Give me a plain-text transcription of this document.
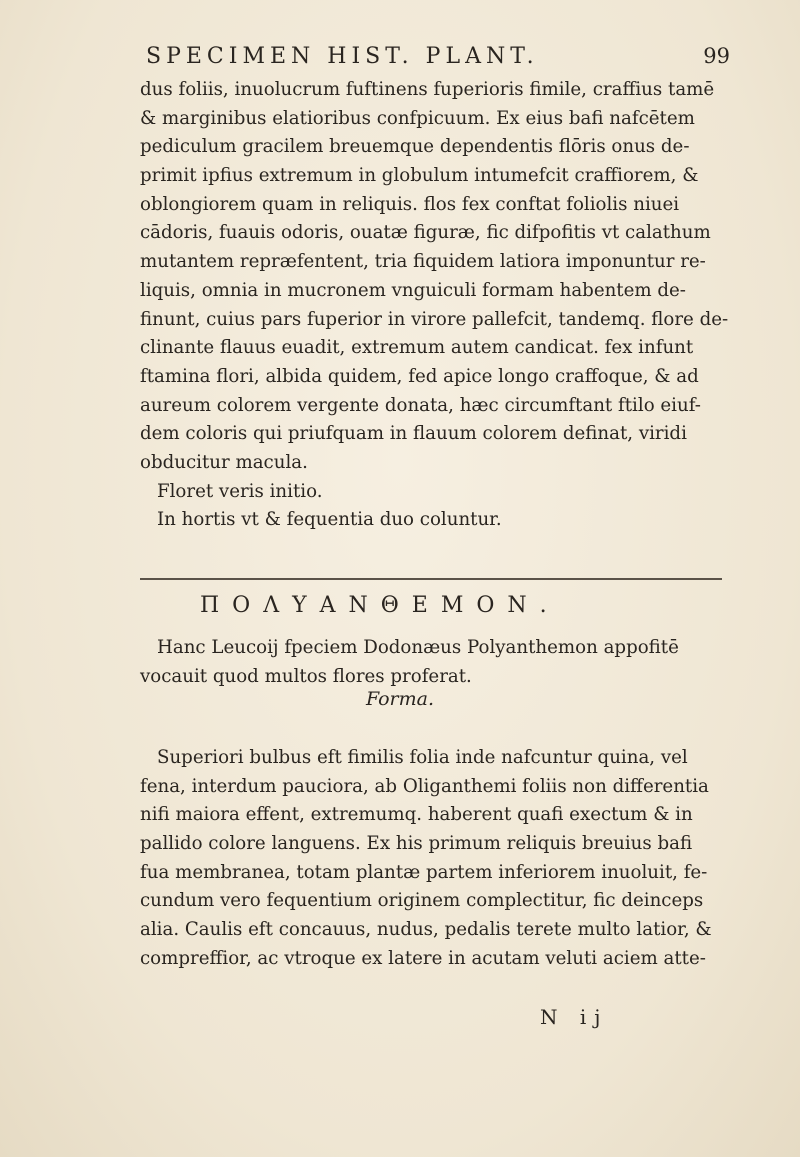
SPECIMEN HIST. PLANT.	99
dus foliis, inuolucrum fuftinens fuperioris fimile, craffius tamē
& marginibus elatioribus confpicuum. Ex eius bafi nafcētem
pediculum gracilem breuemque dependentis flōris onus de-
primit ipfius extremum in globulum intumefcit craffiorem, &
oblongiorem quam in reliquis. flos fex conftat foliolis niuei
cādoris, fuauis odoris, ouatæ figuræ, fic difpofitis vt calathum
mutantem repræfentent, tria fiquidem latiora imponuntur re-
liquis, omnia in mucronem vnguiculi formam habentem de-
finunt, cuius pars fuperior in virore pallefcit, tandemq. flore de-
clinante flauus euadit, extremum autem candicat. fex infunt
ftamina flori, albida quidem, fed apice longo craffoque, & ad
aureum colorem vergente donata, hæc circumftant ftilo eiuf-
dem coloris qui priufquam in flauum colorem definat, viridi
obducitur macula.
Floret veris initio.
In hortis vt & fequentia duo coluntur.
ΠΟΛΥΑΝΘΕΜΟΝ.
Hanc Leucoij fpeciem Dodonæus Polyanthemon appofitē
vocauit quod multos flores proferat.
Forma.
Superiori bulbus eft fimilis folia inde nafcuntur quina, vel
fena, interdum pauciora, ab Oliganthemi foliis non differentia
nifi maiora effent, extremumq. haberent quafi exectum & in
pallido colore languens. Ex his primum reliquis breuius bafi
fua membranea, totam plantæ partem inferiorem inuoluit, fe-
cundum vero fequentium originem complectitur, fic deinceps
alia. Caulis eft concauus, nudus, pedalis terete multo latior, &
compreffior, ac vtroque ex latere in acutam veluti aciem atte-
N ij
